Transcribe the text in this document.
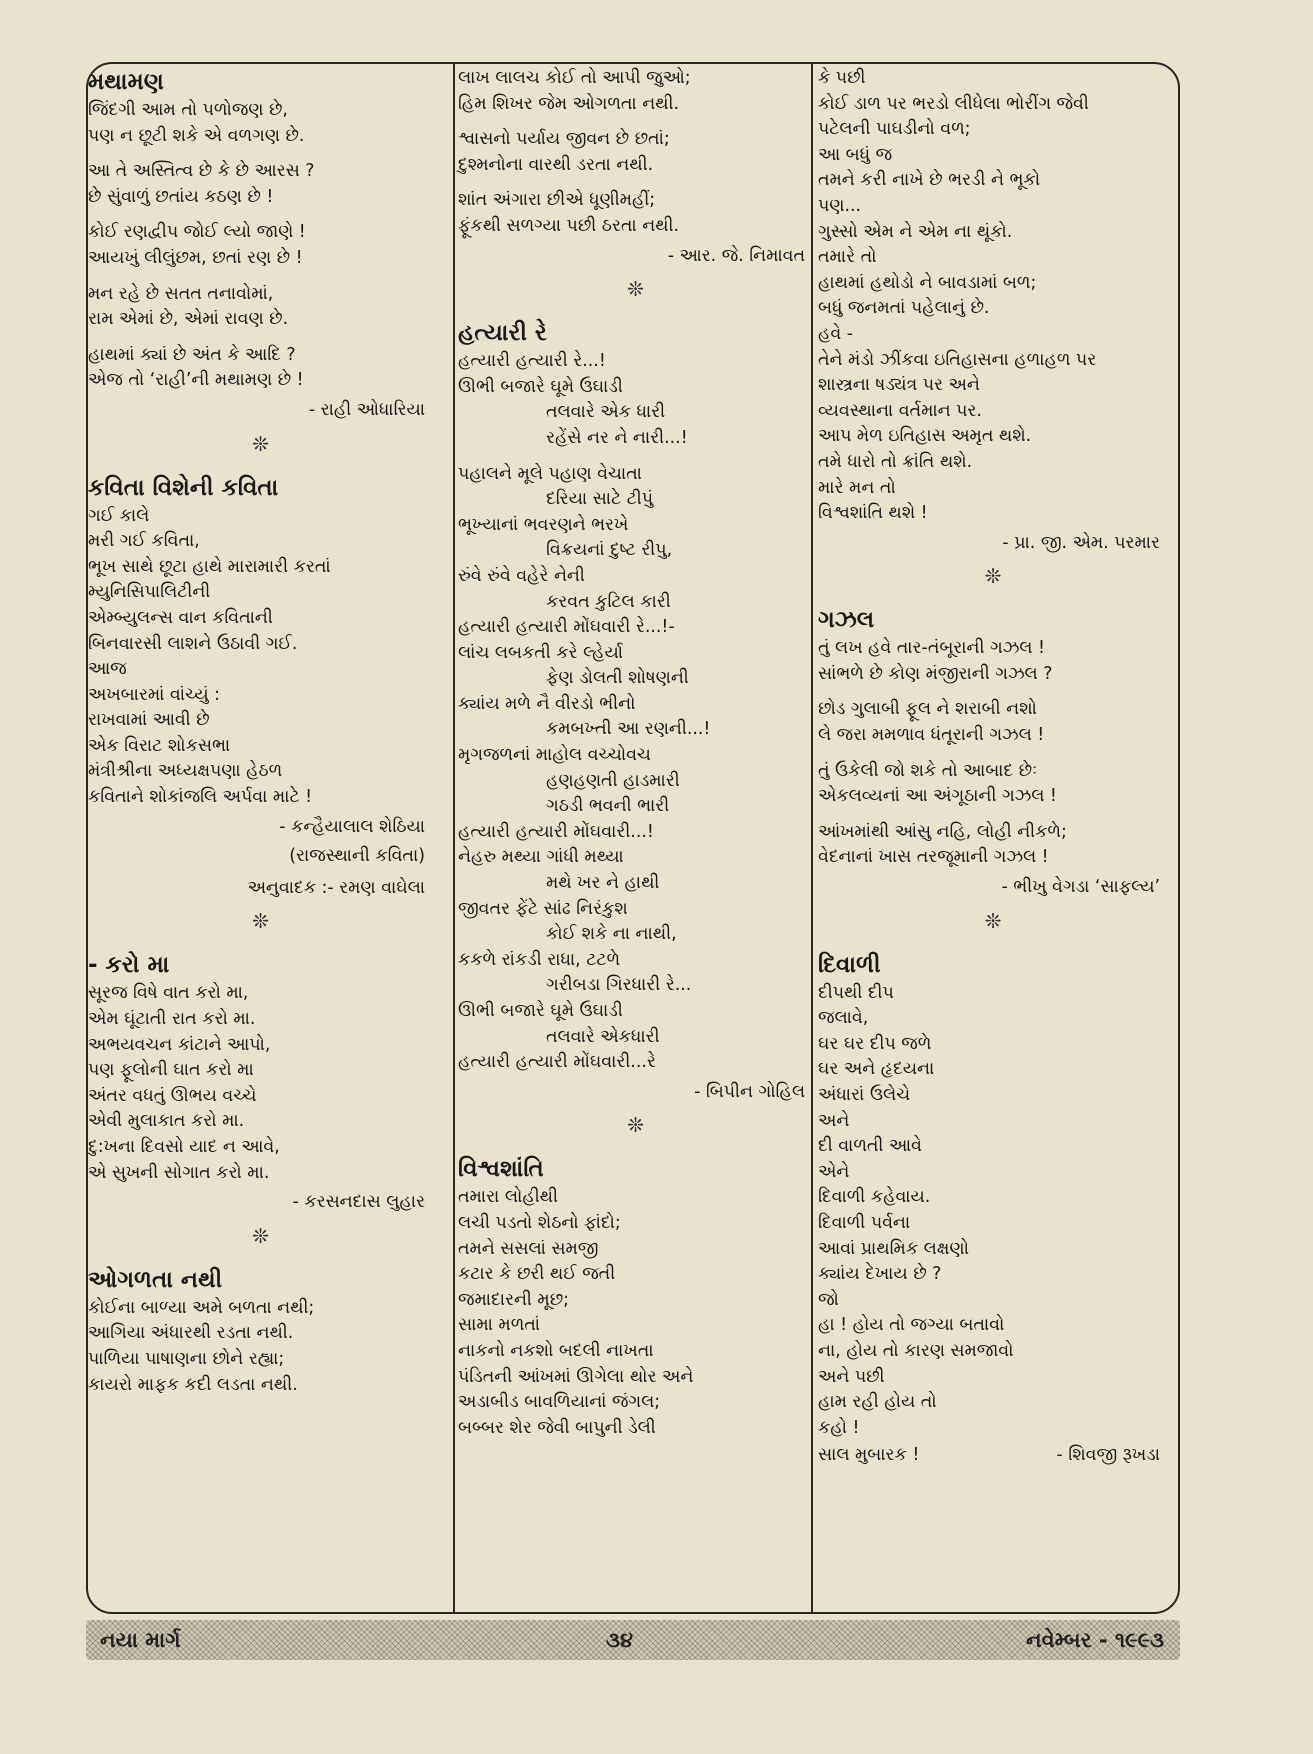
મથામણ
જિંદગી આમ તો પળોજણ છે,
પણ ન છૂટી શકે એ વળગણ છે.
આ તે અસ્તિત્વ છે કે છે આરસ ?
છે સુંવાળું છતાંય કઠણ છે !
કોઈ રણદ્વીપ જોઈ લ્યો જાણે !
આયખું લીલુંછમ, છતાં રણ છે !
મન રહે છે સતત તનાવોમાં,
રામ એમાં છે, એમાં રાવણ છે.
હાથમાં ક્યાં છે અંત કે આદિ ?
એજ તો ‘રાહી’ની મથામણ છે !
- રાહી ઓધારિયા
❊
કવિતા વિશેની કવિતા
ગઈ કાલે
મરી ગઈ કવિતા,
ભૂખ સાથે છૂટા હાથે મારામારી કરતાં
મ્યુનિસિપાલિટીની
એમ્બ્યુલન્સ વાન કવિતાની
બિનવારસી લાશને ઉઠાવી ગઈ.
આજ
અખબારમાં વાંચ્યું :
રાખવામાં આવી છે
એક વિરાટ શોકસભા
મંત્રીશ્રીના અધ્યક્ષપણા હેઠળ
કવિતાને શોકાંજલિ અર્પવા માટે !
- કન્હૈયાલાલ શેઠિયા
(રાજસ્થાની કવિતા)
અનુવાદક :- રમણ વાઘેલા
❊
- કરો મા
સૂરજ વિષે વાત કરો મા,
એમ ઘૂંટાતી રાત કરો મા.
અભયવચન કાંટાને આપો,
પણ ફૂલોની ઘાત કરો મા
અંતર વધતું ઊભય વચ્ચે
એવી મુલાકાત કરો મા.
દુ:ખના દિવસો યાદ ન આવે,
એ સુખની સોગાત કરો મા.
- કરસનદાસ લુહાર
❊
ઓગળતા નથી
કોઈના બાળ્યા અમે બળતા નથી;
આગિયા અંધારથી રડતા નથી.
પાળિયા પાષાણના છોને રહ્યા;
કાયરો માફક કદી લડતા નથી.
લાખ લાલચ કોઈ તો આપી જુઓ;
હિમ શિખર જેમ ઓગળતા નથી.
શ્વાસનો પર્યાય જીવન છે છતાં;
દુશ્મનોના વારથી ડરતા નથી.
શાંત અંગારા છીએ ધૂણીમહીં;
ફૂંકથી સળગ્યા પછી ઠરતા નથી.
- આર. જે. નિમાવત
❊
હત્યારી રે
હત્યારી હત્યારી રે...!
ઊભી બજારે ઘૂમે ઉઘાડી
તલવારે એક ધારી
રહેંસે નર ને નારી...!
પહાલને મૂલે પહાણ વેચાતા
દરિયા સાટે ટીપું
ભૂખ્યાનાં ભવરણને ભરખે
વિક્રયનાં દુષ્ટ રીપુ,
રુંવે રુંવે વહેરે નેની
કરવત કુટિલ કારી
હત્યારી હત્યારી મોંઘવારી રે...!-
લાંચ લબકતી કરે લ્હેર્યા
ફેણ ડોલતી શોષણની
ક્યાંય મળે નૈ વીરડો ભીનો
કમબખ્તી આ રણની...!
મૃગજળનાં માહોલ વચ્ચોવચ
હણહણતી હાડમારી
ગઠડી ભવની ભારી
હત્યારી હત્યારી મોંઘવારી...!
નેહરુ મથ્યા ગાંધી મથ્યા
મથે ખર ને હાથી
જીવતર ફેંટે સાંઢ નિરંકુશ
કોઈ શકે ના નાથી,
કકળે રાંકડી રાધા, ટટળે
ગરીબડા ગિરધારી રે...
ઊભી બજારે ઘૂમે ઉઘાડી
તલવારે એકધારી
હત્યારી હત્યારી મોંઘવારી...રે
- બિપીન ગોહિલ
❊
વિશ્વશાંતિ
તમારા લોહીથી
લચી પડતો શેઠનો ફાંદો;
તમને સસલાં સમજી
કટાર કે છરી થઈ જતી
જમાદારની મૂછ;
સામા મળતાં
નાકનો નકશો બદલી નાખતા
પંડિતની આંખમાં ઊગેલા થોર અને
અડાબીડ બાવળિયાનાં જંગલ;
બબ્બર શેર જેવી બાપુની ડેલી
કે પછી
કોઈ ડાળ પર ભરડો લીધેલા ભોરીંગ જેવી
પટેલની પાઘડીનો વળ;
આ બધું જ
તમને કરી નાખે છે ભરડી ને ભૂકો
પણ...
ગુસ્સો એમ ને એમ ના થૂંકો.
તમારે તો
હાથમાં હથોડો ને બાવડામાં બળ;
બધું જનમતાં પહેલાનું છે.
હવે -
તેને મંડો ઝીંકવા ઇતિહાસના હળાહળ પર
શાસ્ત્રના ષડ્યંત્ર પર અને
વ્યવસ્થાના વર્તમાન પર.
આપ મેળ ઇતિહાસ અમૃત થશે.
તમે ધારો તો ક્રાંતિ થશે.
મારે મન તો
વિશ્વશાંતિ થશે !
- પ્રા. જી. એમ. પરમાર
❊
ગઝલ
તું લખ હવે તાર-તંબૂરાની ગઝલ !
સાંભળે છે કોણ મંજીરાની ગઝલ ?
છોડ ગુલાબી ફૂલ ને શરાબી નશો
લે જરા મમળાવ ધંતૂરાની ગઝલ !
તું ઉકેલી જો શકે તો આબાદ છેઃ
એકલવ્યનાં આ અંગૂઠાની ગઝલ !
આંખમાંથી આંસુ નહિ, લોહી નીકળે;
વેદનાનાં ખાસ તરજૂમાની ગઝલ !
- ભીખુ વેગડા ‘સાફલ્ય’
❊
દિવાળી
દીપથી દીપ
જલાવે,
ઘર ઘર દીપ જળે
ઘર અને હૃદયના
અંધારાં ઉલેચે
અને
દી વાળતી આવે
એને
દિવાળી કહેવાય.
દિવાળી પર્વના
આવાં પ્રાથમિક લક્ષણો
ક્યાંય દેખાય છે ?
જો
હા ! હોય તો જગ્યા બતાવો
ના, હોય તો કારણ સમજાવો
અને પછી
હામ રહી હોય તો
કહો !
સાલ મુબારક !	- શિવજી રૂખડા
નયા માર્ગ	૩૪	નવેમ્બર - ૧૯૯૩
